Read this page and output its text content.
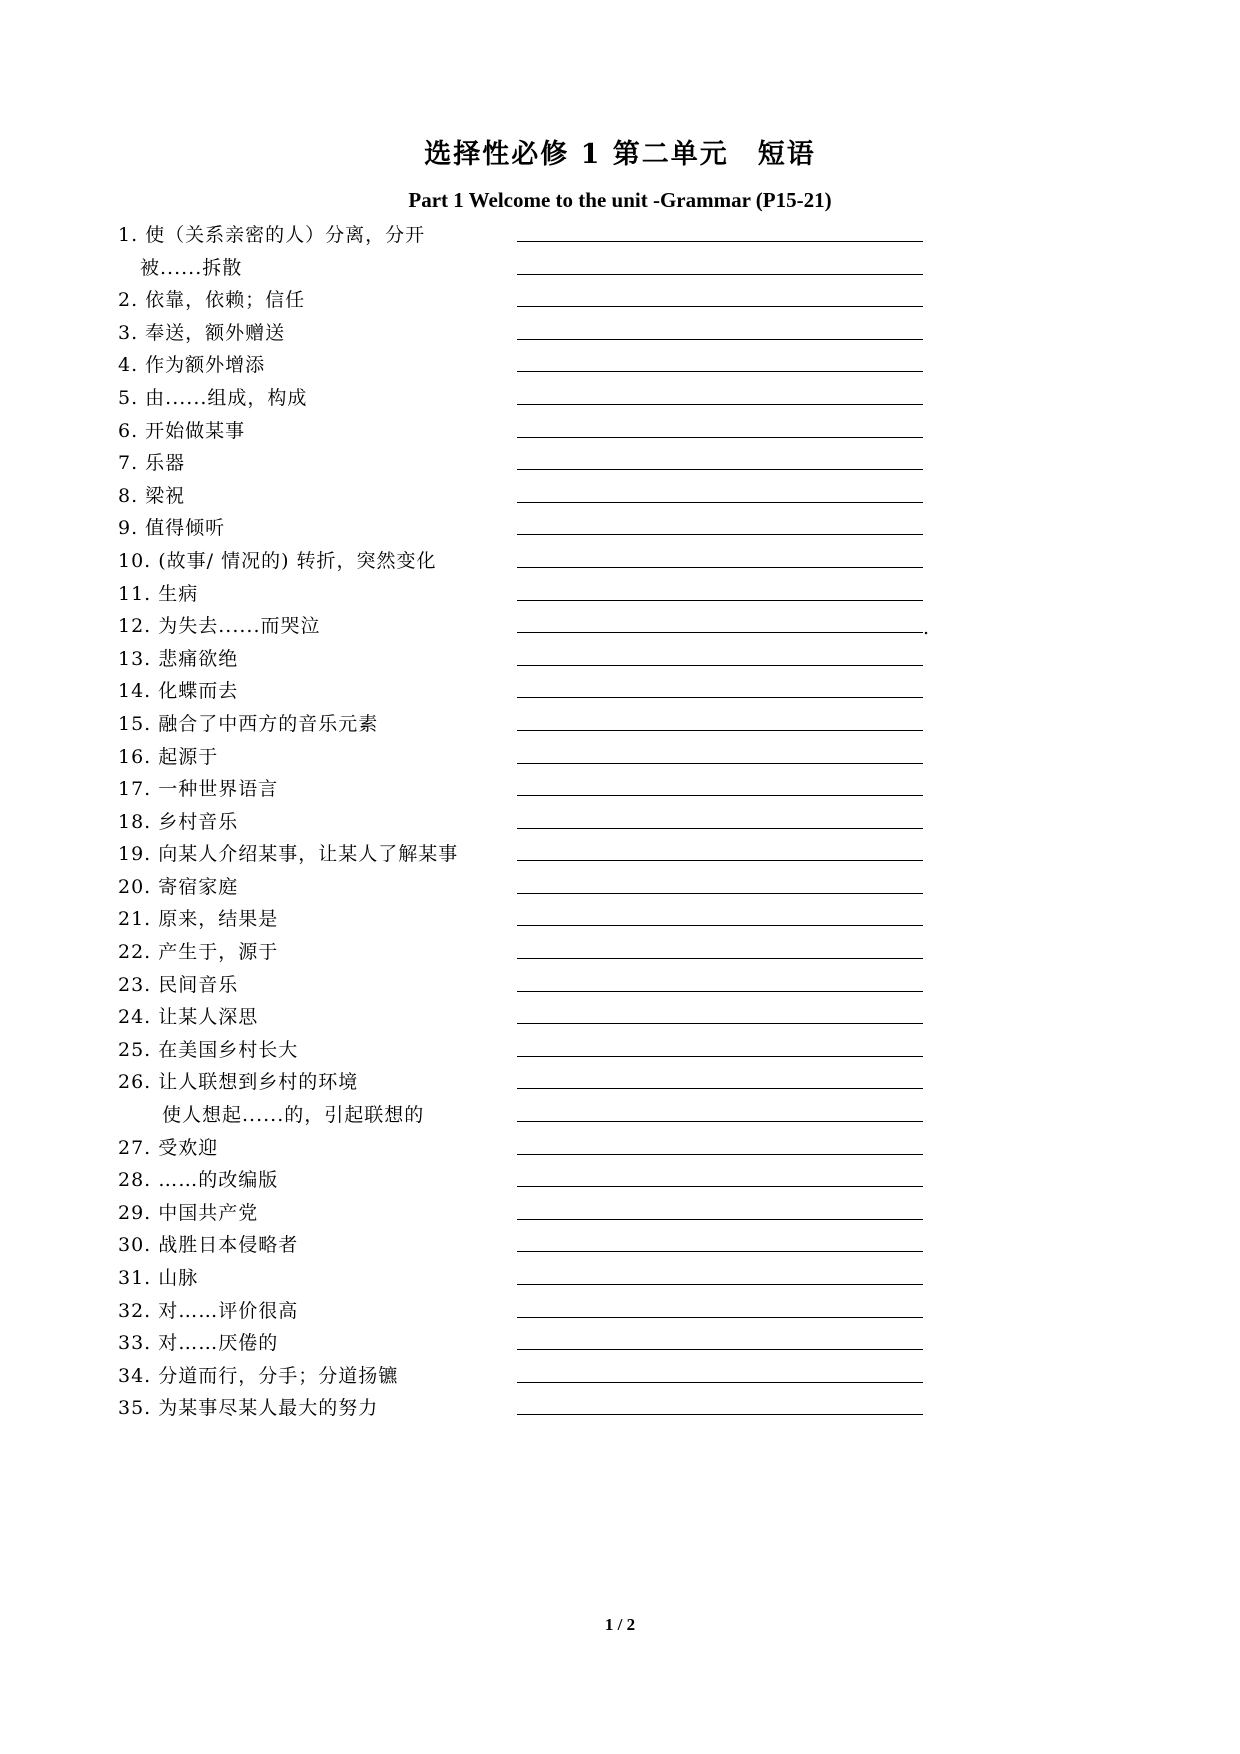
选择性必修 1 第二单元　短语
Part 1 Welcome to the unit -Grammar (P15-21)
1. 使（关系亲密的人）分离，分开
被......拆散
2. 依靠，依赖；信任
3. 奉送，额外赠送
4. 作为额外增添
5. 由......组成，构成
6. 开始做某事
7. 乐器
8. 梁祝
9. 值得倾听
10. (故事/ 情况的) 转折，突然变化
11. 生病
12. 为失去......而哭泣	.
13. 悲痛欲绝
14. 化蝶而去
15. 融合了中西方的音乐元素
16. 起源于
17. 一种世界语言
18. 乡村音乐
19. 向某人介绍某事，让某人了解某事
20. 寄宿家庭
21. 原来，结果是
22. 产生于，源于
23. 民间音乐
24. 让某人深思
25. 在美国乡村长大
26. 让人联想到乡村的环境
使人想起......的，引起联想的
27. 受欢迎
28. ……的改编版
29. 中国共产党
30. 战胜日本侵略者
31. 山脉
32. 对……评价很高
33. 对……厌倦的
34. 分道而行，分手；分道扬镳
35. 为某事尽某人最大的努力
1 / 2
